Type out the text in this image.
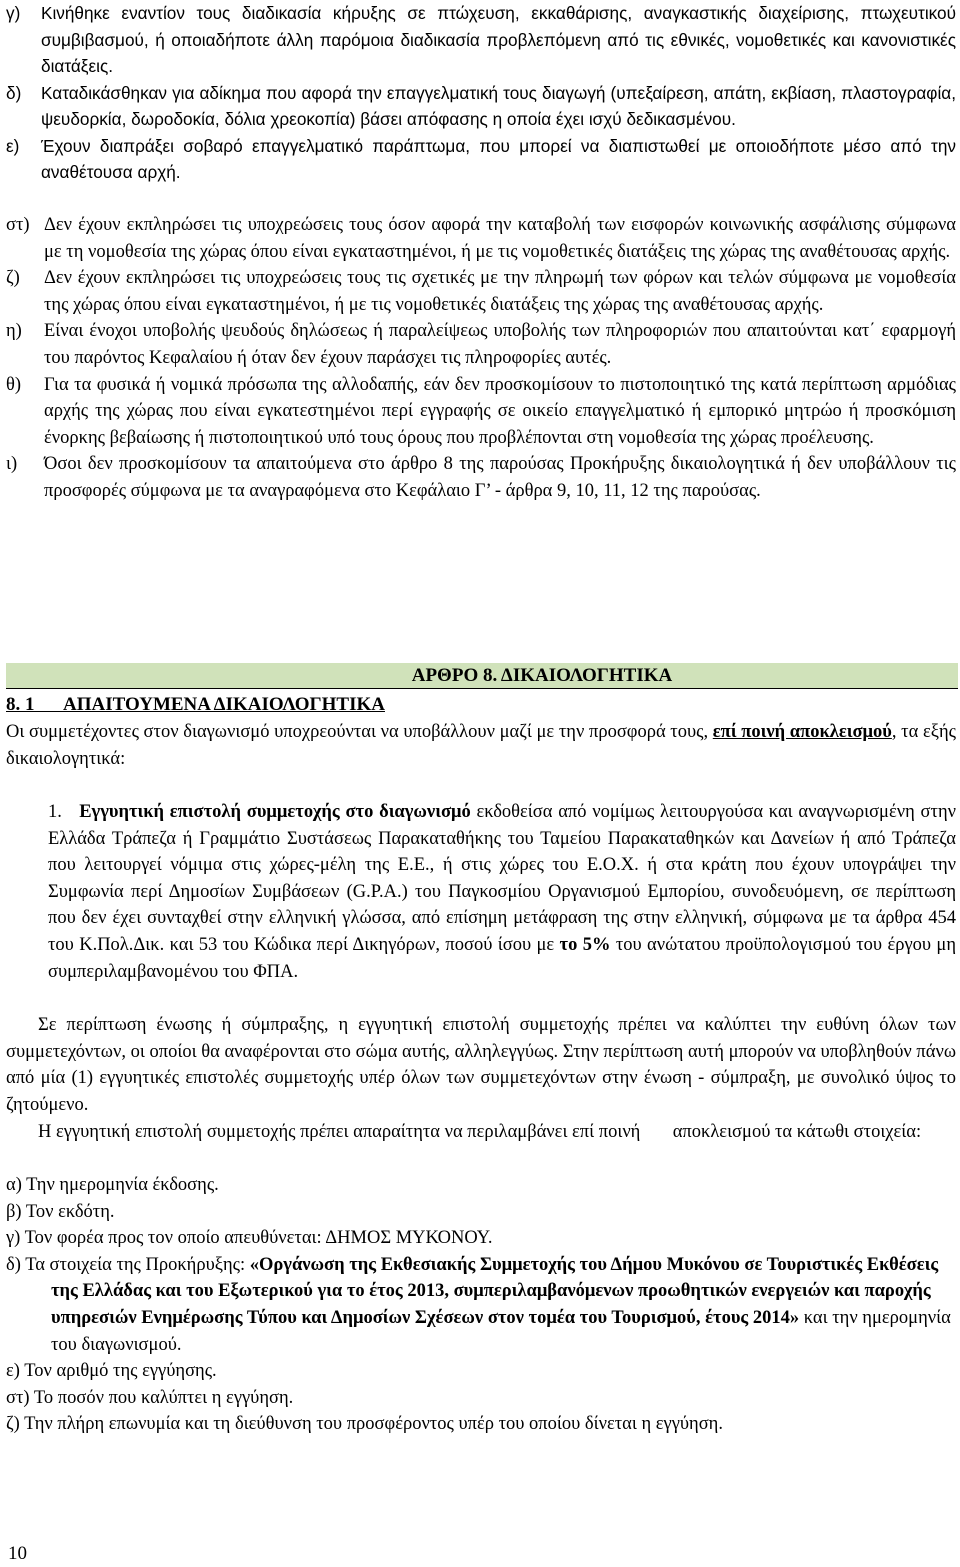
γ)	Κινήθηκε εναντίον τους διαδικασία κήρυξης σε πτώχευση, εκκαθάρισης, αναγκαστικής διαχείρισης, πτωχευτικού συμβιβασμού, ή οποιαδήποτε άλλη παρόμοια διαδικασία προβλεπόμενη από τις εθνικές, νομοθετικές και κανονιστικές διατάξεις.
δ)	Καταδικάσθηκαν για αδίκημα που αφορά την επαγγελματική τους διαγωγή (υπεξαίρεση, απάτη, εκβίαση, πλαστογραφία, ψευδορκία, δωροδοκία, δόλια χρεοκοπία) βάσει απόφασης η οποία έχει ισχύ δεδικασμένου.
ε)	Έχουν διαπράξει σοβαρό επαγγελματικό παράπτωμα, που μπορεί να διαπιστωθεί με οποιοδήποτε μέσο από την αναθέτουσα αρχή.
στ) Δεν έχουν εκπληρώσει τις υποχρεώσεις τους όσον αφορά την καταβολή των εισφορών κοινωνικής ασφάλισης σύμφωνα με τη νομοθεσία της χώρας όπου είναι εγκαταστημένοι, ή με τις νομοθετικές διατάξεις της χώρας της αναθέτουσας αρχής.
ζ)	Δεν έχουν εκπληρώσει τις υποχρεώσεις τους τις σχετικές με την πληρωμή των φόρων και τελών σύμφωνα με νομοθεσία της χώρας όπου είναι εγκαταστημένοι, ή με τις νομοθετικές διατάξεις της χώρας της αναθέτουσας αρχής.
η)	Είναι ένοχοι υποβολής ψευδούς δηλώσεως ή παραλείψεως υποβολής των πληροφοριών που απαιτούνται κατ΄ εφαρμογή του παρόντος Κεφαλαίου ή όταν δεν έχουν παράσχει τις πληροφορίες αυτές.
θ)	Για τα φυσικά ή νομικά πρόσωπα της αλλοδαπής, εάν δεν προσκομίσουν το πιστοποιητικό της κατά περίπτωση αρμόδιας αρχής της χώρας που είναι εγκατεστημένοι περί εγγραφής σε οικείο επαγγελματικό ή εμπορικό μητρώο ή προσκόμιση ένορκης βεβαίωσης ή πιστοποιητικού υπό τους όρους που προβλέπονται στη νομοθεσία της χώρας προέλευσης.
ι)	Όσοι δεν προσκομίσουν τα απαιτούμενα στο άρθρο 8 της παρούσας Προκήρυξης δικαιολογητικά ή δεν υποβάλλουν τις προσφορές σύμφωνα με τα αναγραφόμενα στο Κεφάλαιο Γ’ - άρθρα 9, 10, 11, 12 της παρούσας.
ΑΡΘΡΟ 8. ΔΙΚΑΙΟΛΟΓΗΤΙΚΑ
8. 1 ΑΠΑΙΤΟΥΜΕΝΑ ΔΙΚΑΙΟΛΟΓΗΤΙΚΑ
Οι συμμετέχοντες στον διαγωνισμό υποχρεούνται να υποβάλλουν μαζί με την προσφορά τους, επί ποινή αποκλεισμού, τα εξής δικαιολογητικά:
1. Εγγυητική επιστολή συμμετοχής στο διαγωνισμό εκδοθείσα από νομίμως λειτουργούσα και αναγνωρισμένη στην Ελλάδα Τράπεζα ή Γραμμάτιο Συστάσεως Παρακαταθήκης του Ταμείου Παρακαταθηκών και Δανείων ή από Τράπεζα που λειτουργεί νόμιμα στις χώρες-μέλη της Ε.Ε., ή στις χώρες του Ε.Ο.Χ. ή στα κράτη που έχουν υπογράψει την Συμφωνία περί Δημοσίων Συμβάσεων (G.P.A.) του Παγκοσμίου Οργανισμού Εμπορίου, συνοδευόμενη, σε περίπτωση που δεν έχει συνταχθεί στην ελληνική γλώσσα, από επίσημη μετάφραση της στην ελληνική, σύμφωνα με τα άρθρα 454 του Κ.Πολ.Δικ. και 53 του Κώδικα περί Δικηγόρων, ποσού ίσου με το 5% του ανώτατου προϋπολογισμού του έργου μη συμπεριλαμβανομένου του ΦΠΑ.
Σε περίπτωση ένωσης ή σύμπραξης, η εγγυητική επιστολή συμμετοχής πρέπει να καλύπτει την ευθύνη όλων των συμμετεχόντων, οι οποίοι θα αναφέρονται στο σώμα αυτής, αλληλεγγύως. Στην περίπτωση αυτή μπορούν να υποβληθούν πάνω από μία (1) εγγυητικές επιστολές συμμετοχής υπέρ όλων των συμμετεχόντων στην ένωση - σύμπραξη, με συνολικό ύψος το ζητούμενο.
Η εγγυητική επιστολή συμμετοχής πρέπει απαραίτητα να περιλαμβάνει επί ποινή       αποκλεισμού τα κάτωθι στοιχεία:
α) Την ημερομηνία έκδοσης.
β) Τον εκδότη.
γ) Τον φορέα προς τον οποίο απευθύνεται: ΔΗΜΟΣ ΜΥΚΟΝΟΥ.
δ) Τα στοιχεία της Προκήρυξης: «Οργάνωση της Εκθεσιακής Συμμετοχής του Δήμου Μυκόνου σε Τουριστικές Εκθέσεις της Ελλάδας και του Εξωτερικού για το έτος 2013, συμπεριλαμβανόμενων προωθητικών ενεργειών και παροχής υπηρεσιών Ενημέρωσης Τύπου και Δημοσίων Σχέσεων στον τομέα του Τουρισμού, έτους 2014» και την ημερομηνία του διαγωνισμού.
ε) Τον αριθμό της εγγύησης.
στ) Το ποσόν που καλύπτει η εγγύηση.
ζ) Την πλήρη επωνυμία και τη διεύθυνση του προσφέροντος υπέρ του οποίου δίνεται η εγγύηση.
10
